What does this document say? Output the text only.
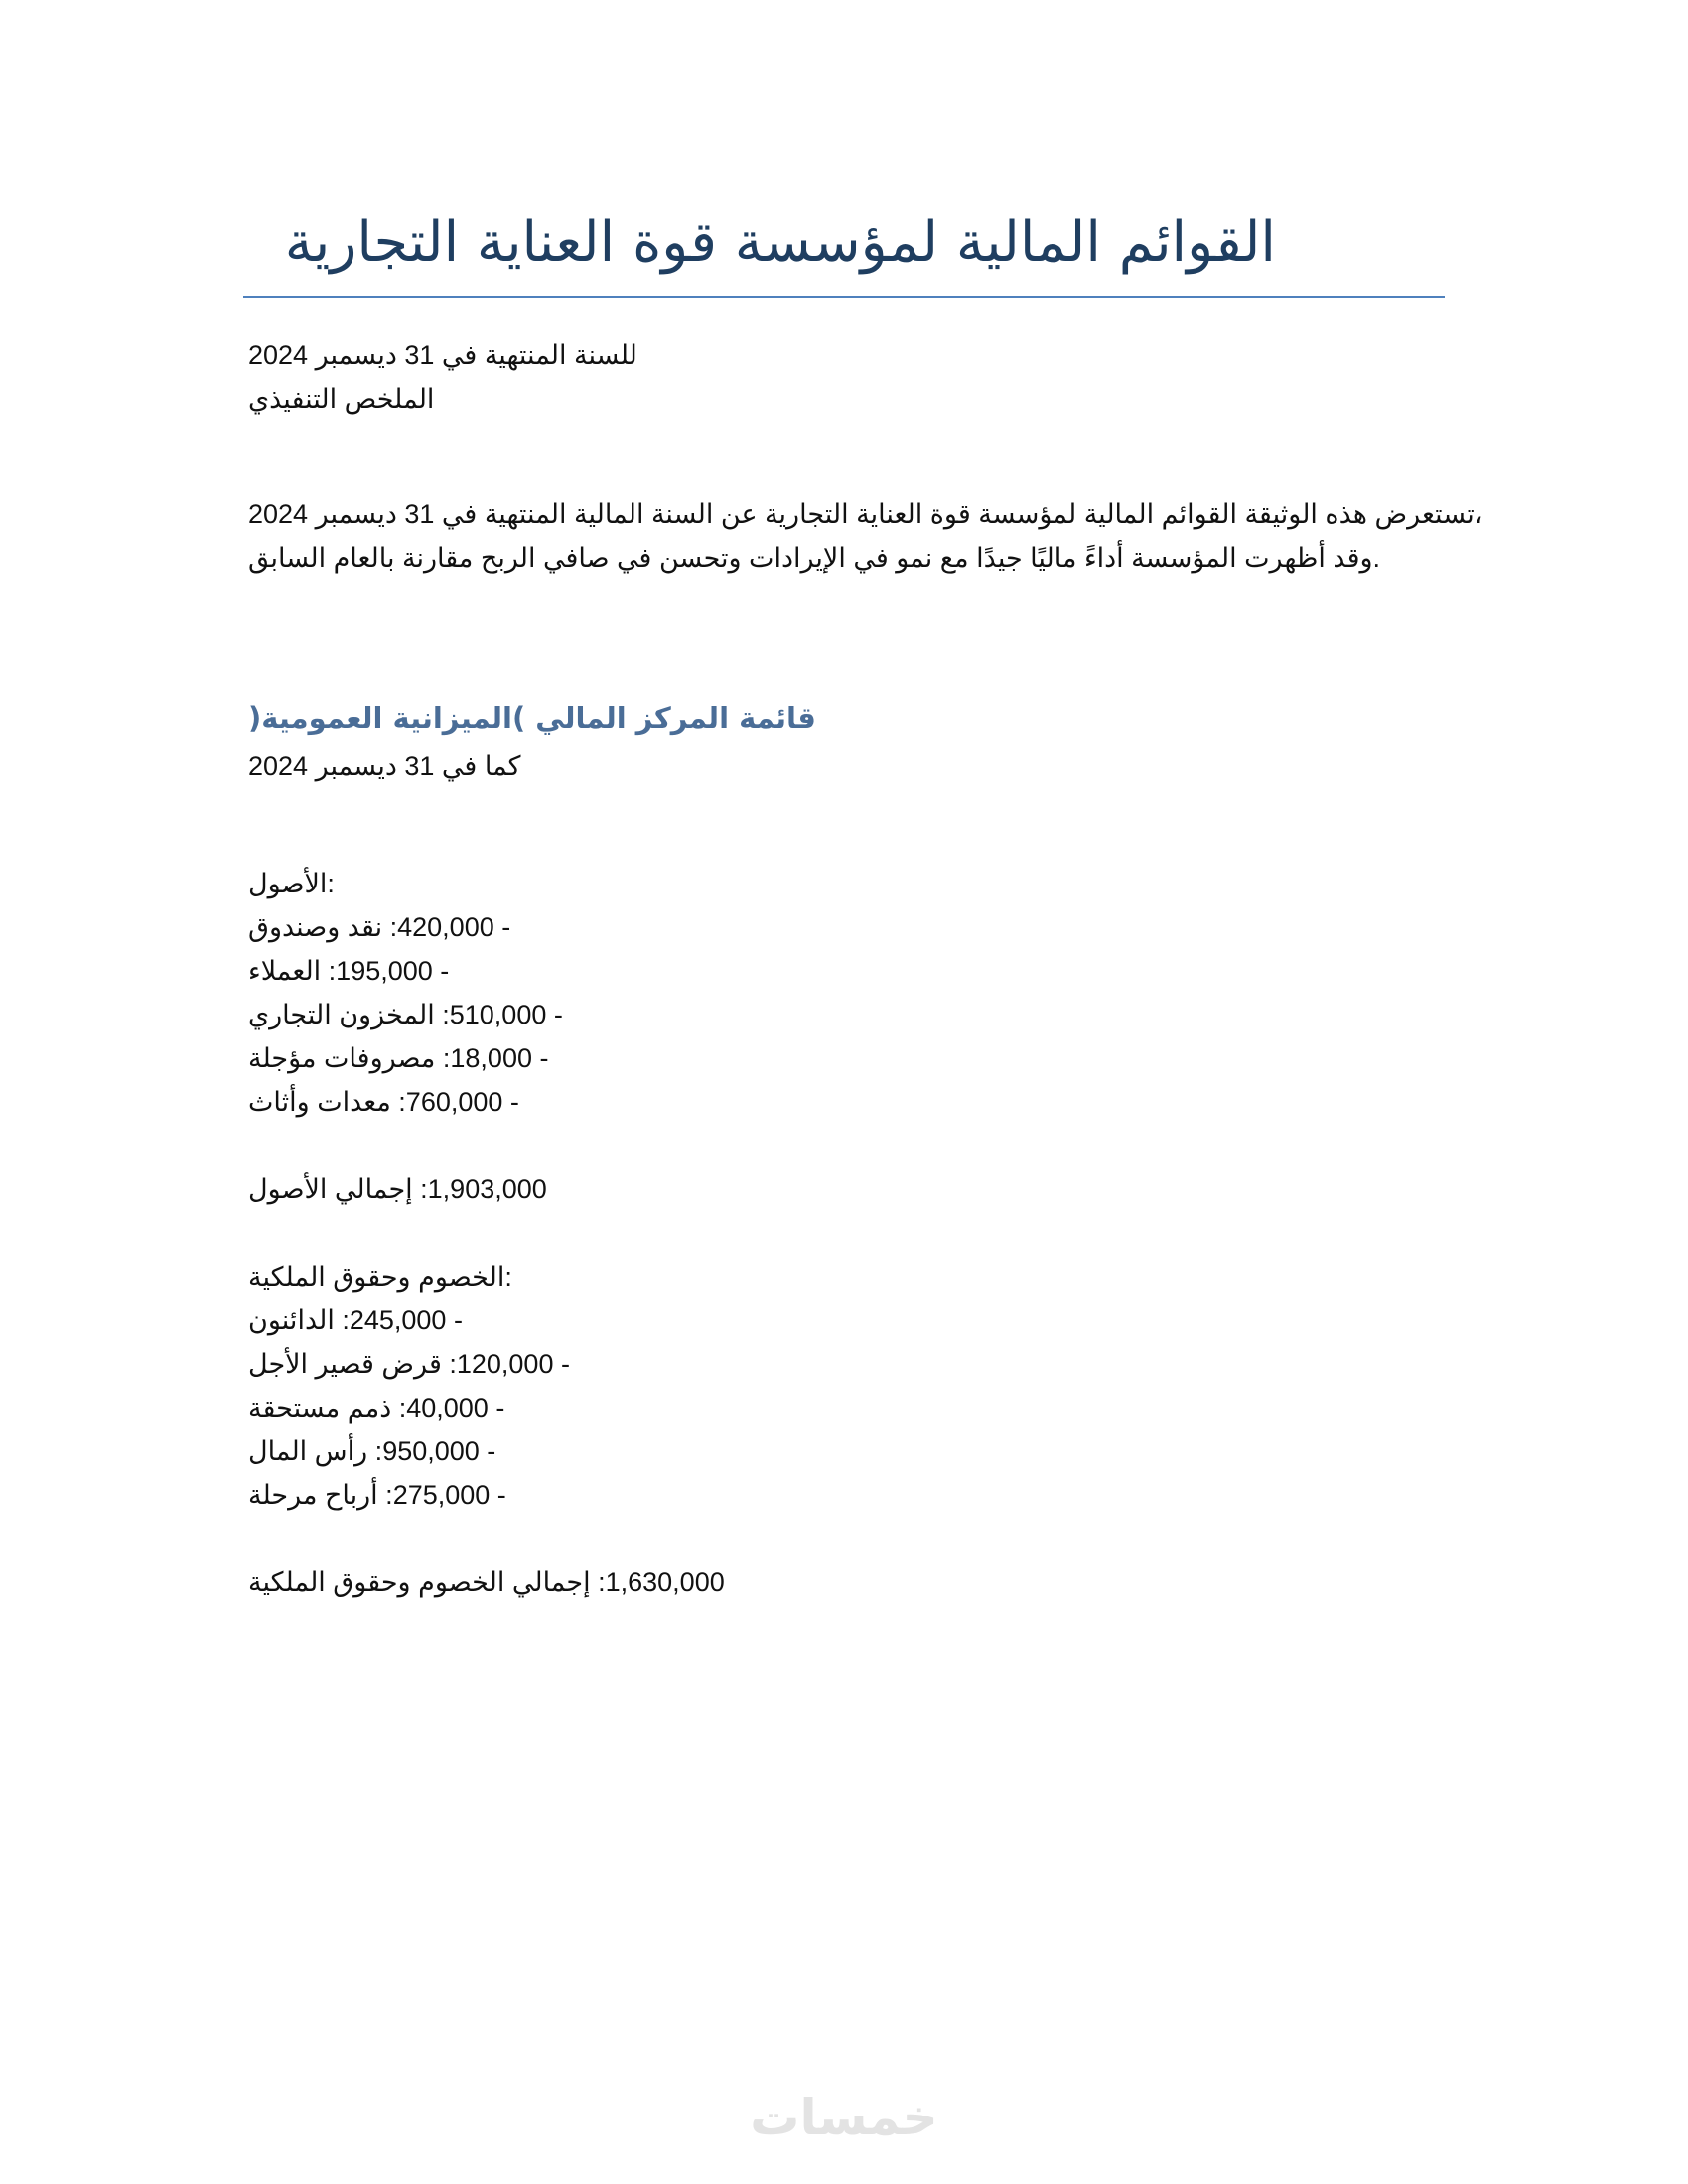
القوائم المالية لمؤسسة قوة العناية التجارية
للسنة المنتهية في 31 ديسمبر 2024
الملخص التنفيذي
،تستعرض هذه الوثيقة القوائم المالية لمؤسسة قوة العناية التجارية عن السنة المالية المنتهية في 31 ديسمبر 2024
.وقد أظهرت المؤسسة أداءً ماليًا جيدًا مع نمو في الإيرادات وتحسن في صافي الربح مقارنة بالعام السابق
قائمة المركز المالي )الميزانية العمومية(
كما في 31 ديسمبر 2024
:الأصول
- 420,000: نقد وصندوق
- 195,000: العملاء
- 510,000: المخزون التجاري
- 18,000: مصروفات مؤجلة
- 760,000: معدات وأثاث
1,903,000: إجمالي الأصول
:الخصوم وحقوق الملكية
- 245,000: الدائنون
- 120,000: قرض قصير الأجل
- 40,000: ذمم مستحقة
- 950,000: رأس المال
- 275,000: أرباح مرحلة
1,630,000: إجمالي الخصوم وحقوق الملكية
خمسات
